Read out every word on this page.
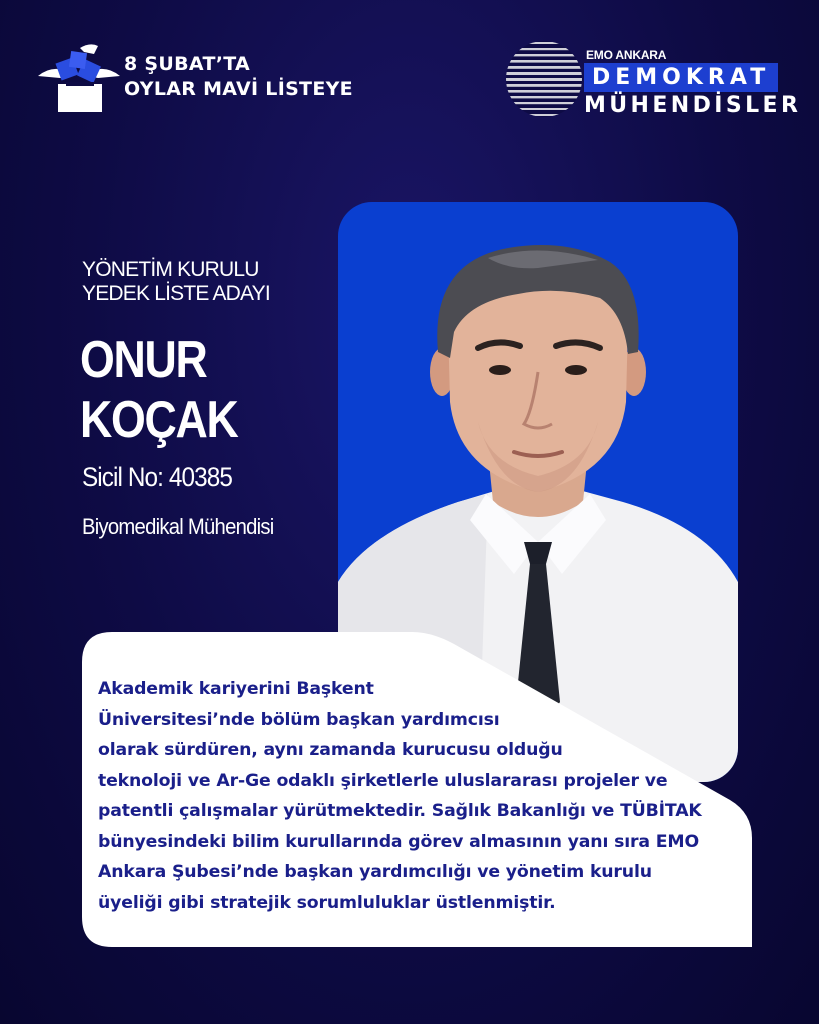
8 ŞUBAT’TA
OYLAR MAVİ LİSTEYE
EMO ANKARA
DEMOKRAT
MÜHENDİSLER
YÖNETİM KURULU
YEDEK LİSTE ADAYI
ONUR
KOÇAK
Sicil No: 40385
Biyomedikal Mühendisi
Akademik kariyerini Başkent
Üniversitesi’nde bölüm başkan yardımcısı
olarak sürdüren, aynı zamanda kurucusu olduğu
teknoloji ve Ar-Ge odaklı şirketlerle uluslararası projeler ve
patentli çalışmalar yürütmektedir. Sağlık Bakanlığı ve TÜBİTAK
bünyesindeki bilim kurullarında görev almasının yanı sıra EMO
Ankara Şubesi’nde başkan yardımcılığı ve yönetim kurulu
üyeliği gibi stratejik sorumluluklar üstlenmiştir.
